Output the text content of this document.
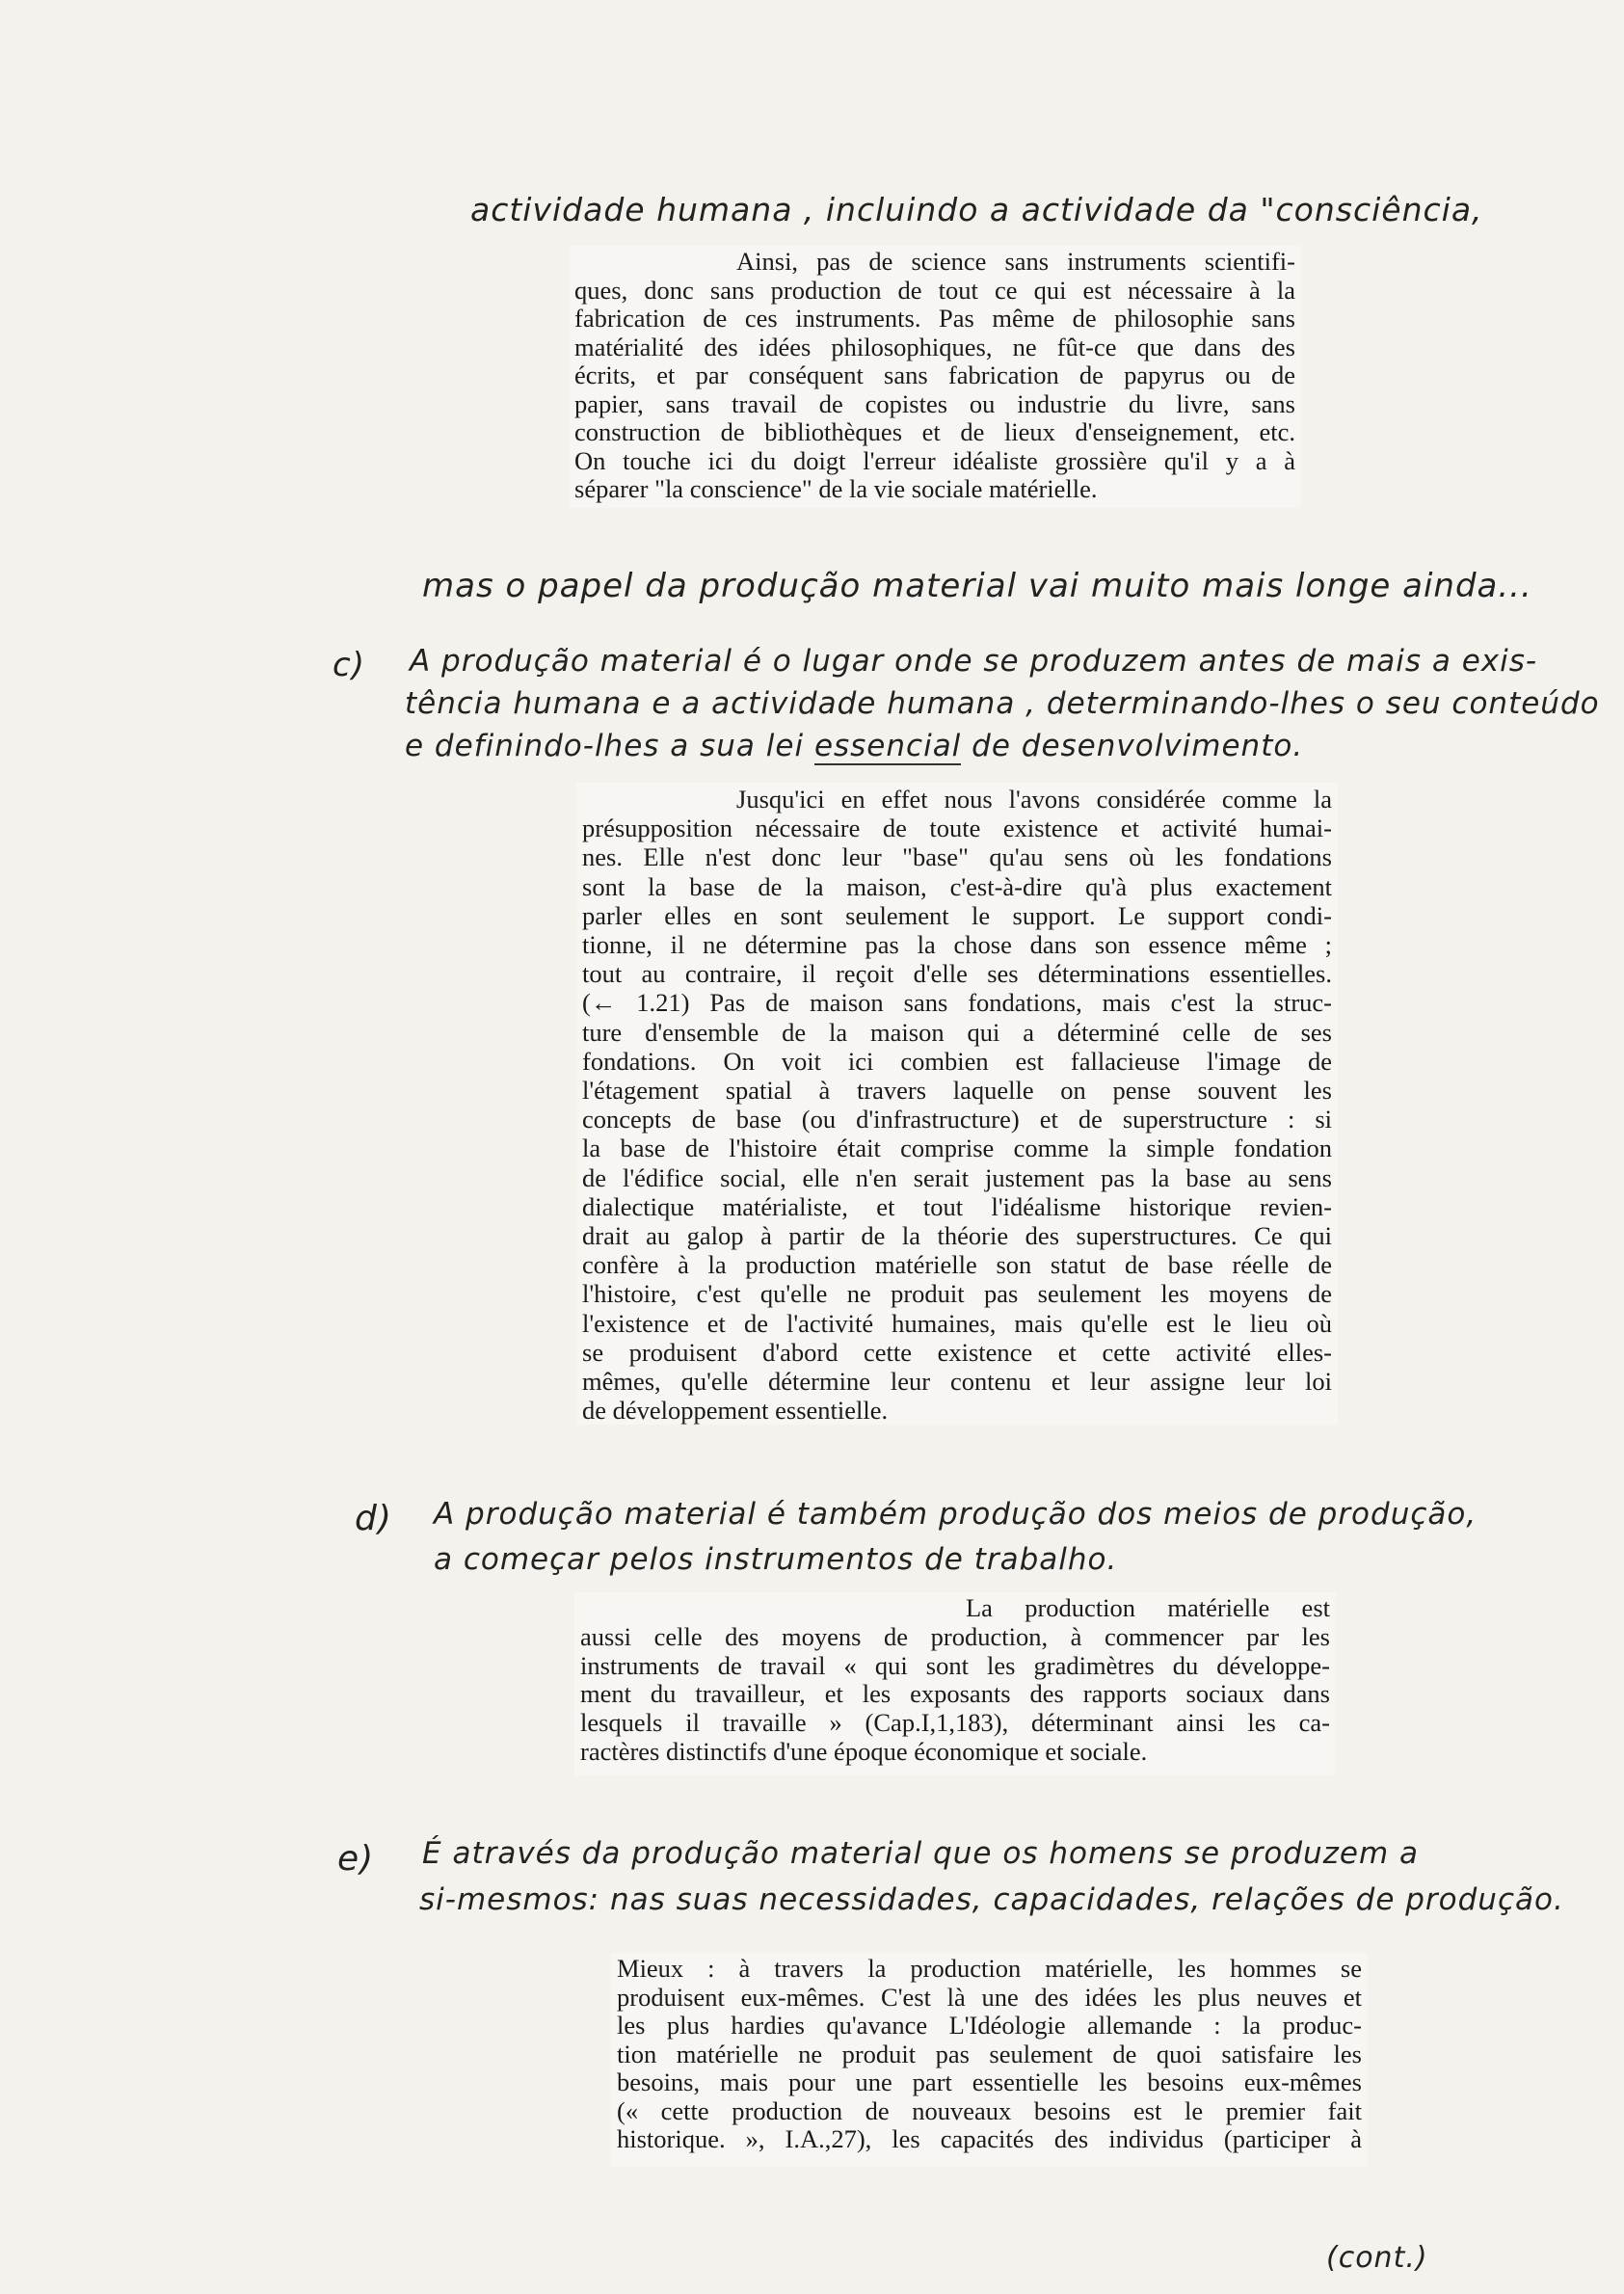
actividade humana , incluindo a actividade da "consciência,
Ainsi, pas de science sans instruments scientifi-
ques, donc sans production de tout ce qui est nécessaire à la
fabrication de ces instruments. Pas même de philosophie sans
matérialité des idées philosophiques, ne fût-ce que dans des
écrits, et par conséquent sans fabrication de papyrus ou de
papier, sans travail de copistes ou industrie du livre, sans
construction de bibliothèques et de lieux d'enseignement, etc.
On touche ici du doigt l'erreur idéaliste grossière qu'il y a à
séparer "la conscience" de la vie sociale matérielle.
mas o papel da produção material vai muito mais longe ainda...
c) A produção material é o lugar onde se produzem antes de mais a exis-
tência humana e a actividade humana , determinando-lhes o seu conteúdo
e definindo-lhes a sua lei essencial de desenvolvimento.
Jusqu'ici en effet nous l'avons considérée comme la
présupposition nécessaire de toute existence et activité humai-
nes. Elle n'est donc leur "base" qu'au sens où les fondations
sont la base de la maison, c'est-à-dire qu'à plus exactement
parler elles en sont seulement le support. Le support condi-
tionne, il ne détermine pas la chose dans son essence même ;
tout au contraire, il reçoit d'elle ses déterminations essentielles.
(← 1.21) Pas de maison sans fondations, mais c'est la struc-
ture d'ensemble de la maison qui a déterminé celle de ses
fondations. On voit ici combien est fallacieuse l'image de
l'étagement spatial à travers laquelle on pense souvent les
concepts de base (ou d'infrastructure) et de superstructure : si
la base de l'histoire était comprise comme la simple fondation
de l'édifice social, elle n'en serait justement pas la base au sens
dialectique matérialiste, et tout l'idéalisme historique revien-
drait au galop à partir de la théorie des superstructures. Ce qui
confère à la production matérielle son statut de base réelle de
l'histoire, c'est qu'elle ne produit pas seulement les moyens de
l'existence et de l'activité humaines, mais qu'elle est le lieu où
se produisent d'abord cette existence et cette activité elles-
mêmes, qu'elle détermine leur contenu et leur assigne leur loi
de développement essentielle.
d) A produção material é também produção dos meios de produção,
a começar pelos instrumentos de trabalho.
La production matérielle est
aussi celle des moyens de production, à commencer par les
instruments de travail « qui sont les gradimètres du développe-
ment du travailleur, et les exposants des rapports sociaux dans
lesquels il travaille » (Cap.I,1,183), déterminant ainsi les ca-
ractères distinctifs d'une époque économique et sociale.
e) É através da produção material que os homens se produzem a
si-mesmos: nas suas necessidades, capacidades, relações de produção.
Mieux : à travers la production matérielle, les hommes se
produisent eux-mêmes. C'est là une des idées les plus neuves et
les plus hardies qu'avance L'Idéologie allemande : la produc-
tion matérielle ne produit pas seulement de quoi satisfaire les
besoins, mais pour une part essentielle les besoins eux-mêmes
(« cette production de nouveaux besoins est le premier fait
historique. », I.A.,27), les capacités des individus (participer à
(cont.)
